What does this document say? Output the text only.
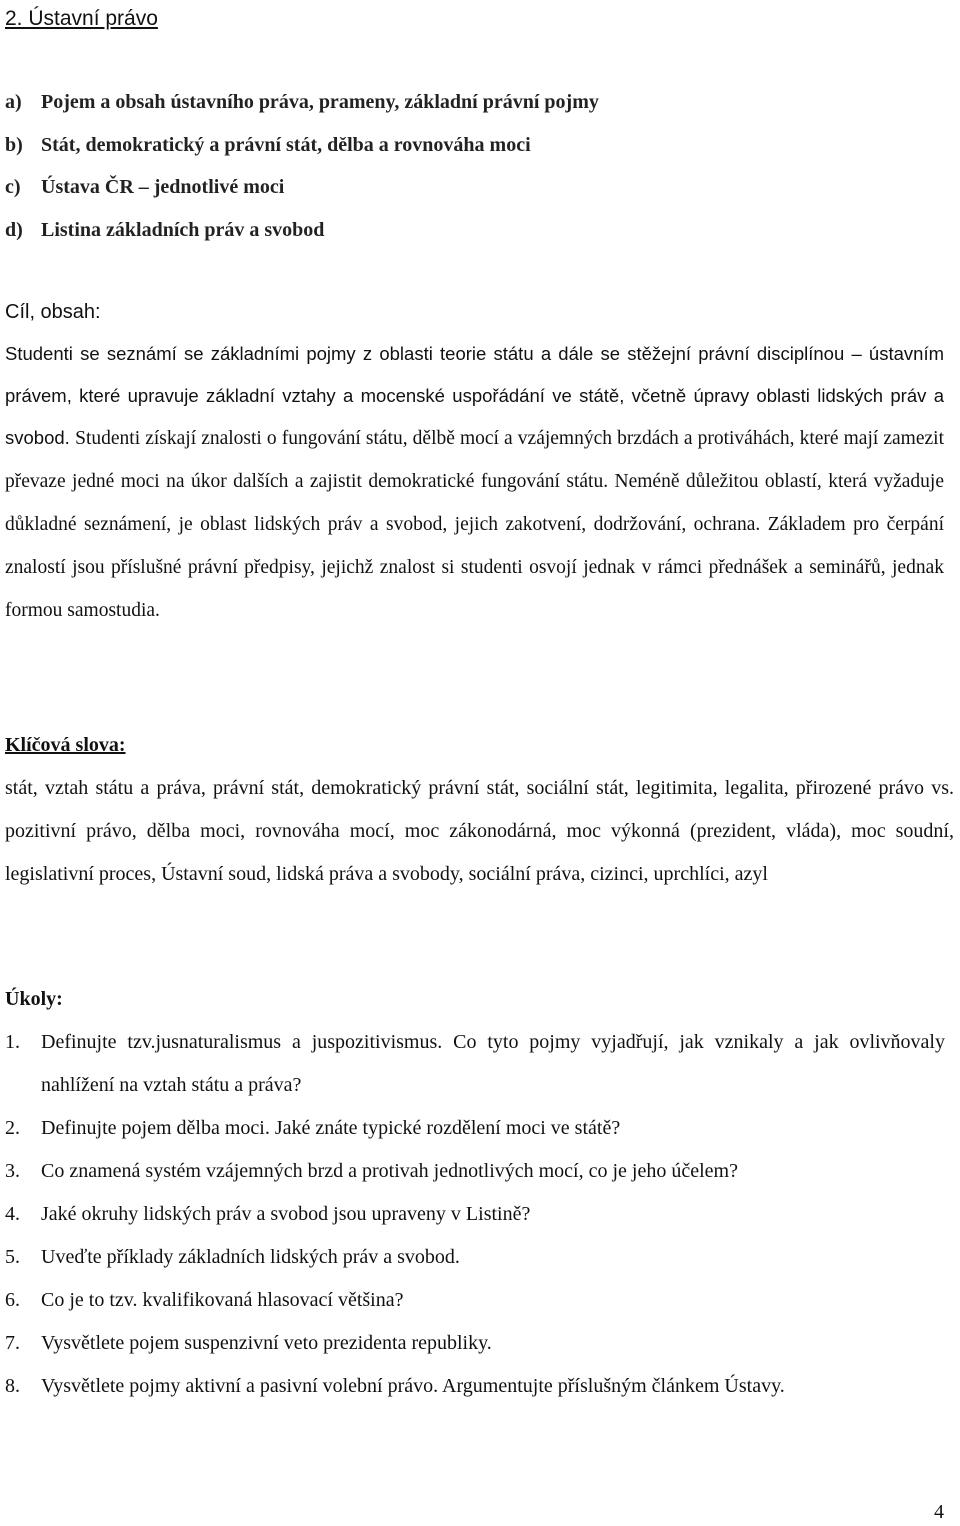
2. Ústavní právo
a) Pojem a obsah ústavního práva, prameny, základní právní pojmy
b) Stát, demokratický a právní stát, dělba a rovnováha moci
c) Ústava ČR – jednotlivé moci
d) Listina základních práv a svobod
Cíl, obsah:

Studenti se seznámí se základními pojmy z oblasti teorie státu a dále se stěžejní právní disciplínou – ústavním právem, které upravuje základní vztahy a mocenské uspořádání ve státě, včetně úpravy oblasti lidských práv a svobod. Studenti získají znalosti o fungování státu, dělbě mocí a vzájemných brzdách a protiváhách, které mají zamezit převaze jedné moci na úkor dalších a zajistit demokratické fungování státu. Neméně důležitou oblastí, která vyžaduje důkladné seznámení, je oblast lidských práv a svobod, jejich zakotvení, dodržování, ochrana. Základem pro čerpání znalostí jsou příslušné právní předpisy, jejichž znalost si studenti osvojí jednak v rámci přednášek a seminářů, jednak formou samostudia.

Klíčová slova:

stát, vztah státu a práva, právní stát, demokratický právní stát, sociální stát, legitimita, legalita, přirozené právo vs. pozitivní právo, dělba moci, rovnováha mocí, moc zákonodárná, moc výkonná (prezident, vláda), moc soudní, legislativní proces, Ústavní soud, lidská práva a svobody, sociální práva, cizinci, uprchlíci, azyl

Úkoly:
1. Definujte tzv.jusnaturalismus a juspozitivismus. Co tyto pojmy vyjadřují, jak vznikaly a jak ovlivňovaly nahlížení na vztah státu a práva?
2. Definujte pojem dělba moci. Jaké znáte typické rozdělení moci ve státě?
3. Co znamená systém vzájemných brzd a protivah jednotlivých mocí, co je jeho účelem?
4. Jaké okruhy lidských práv a svobod jsou upraveny v Listině?
5. Uveďte příklady základních lidských práv a svobod.
6. Co je to tzv. kvalifikovaná hlasovací většina?
7. Vysvětlete pojem suspenzivní veto prezidenta republiky.
8. Vysvětlete pojmy aktivní a pasivní volební právo. Argumentujte příslušným článkem Ústavy.
4
